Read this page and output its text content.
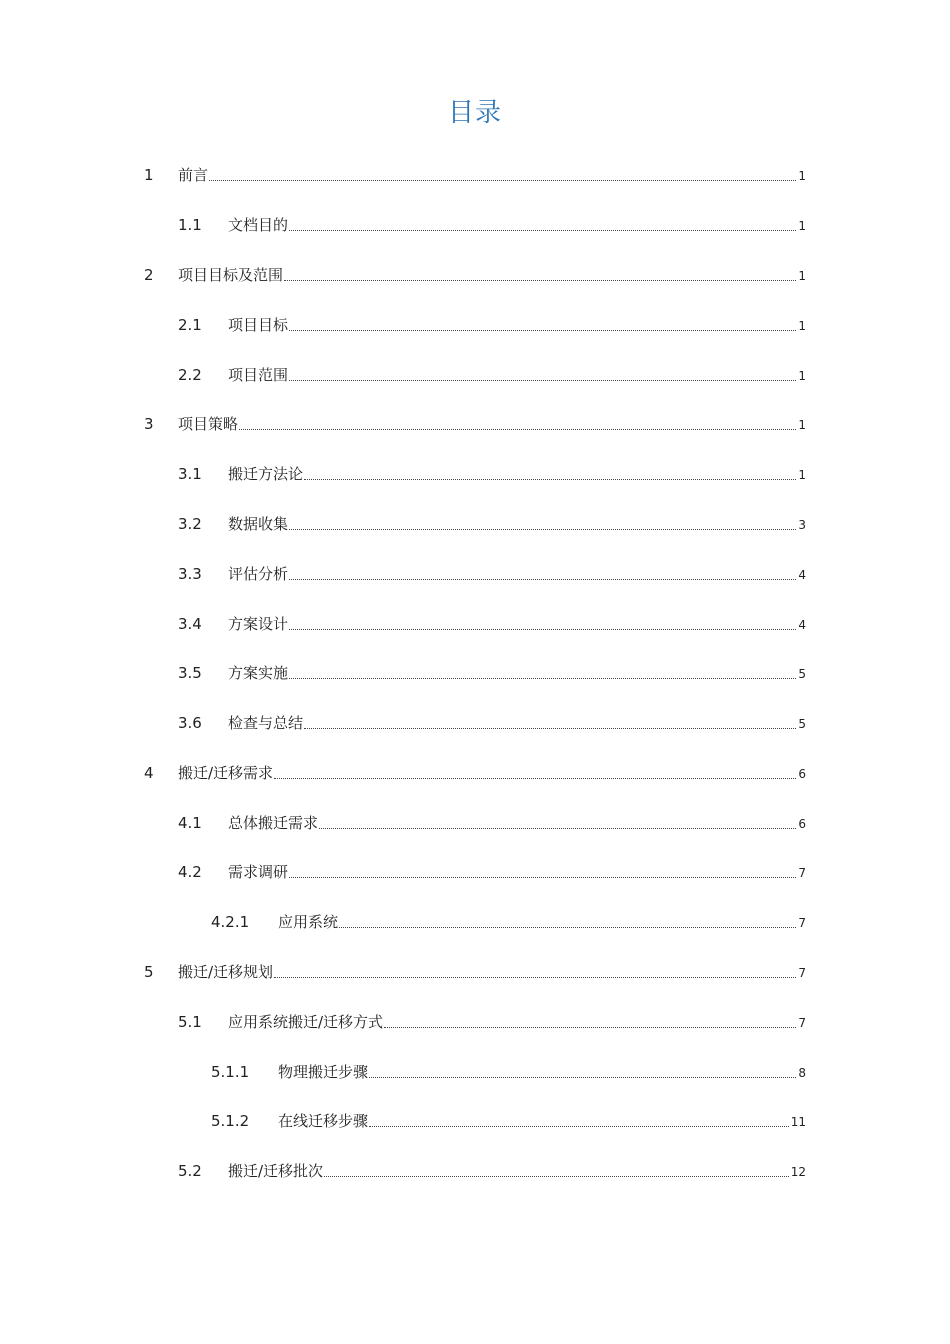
目录
1	前言	1
1.1	文档目的	1
2	项目目标及范围	1
2.1	项目目标	1
2.2	项目范围	1
3	项目策略	1
3.1	搬迁方法论	1
3.2	数据收集	3
3.3	评估分析	4
3.4	方案设计	4
3.5	方案实施	5
3.6	检查与总结	5
4	搬迁/迁移需求	6
4.1	总体搬迁需求	6
4.2	需求调研	7
4.2.1	应用系统	7
5	搬迁/迁移规划	7
5.1	应用系统搬迁/迁移方式	7
5.1.1	物理搬迁步骤	8
5.1.2	在线迁移步骤	11
5.2	搬迁/迁移批次	12
